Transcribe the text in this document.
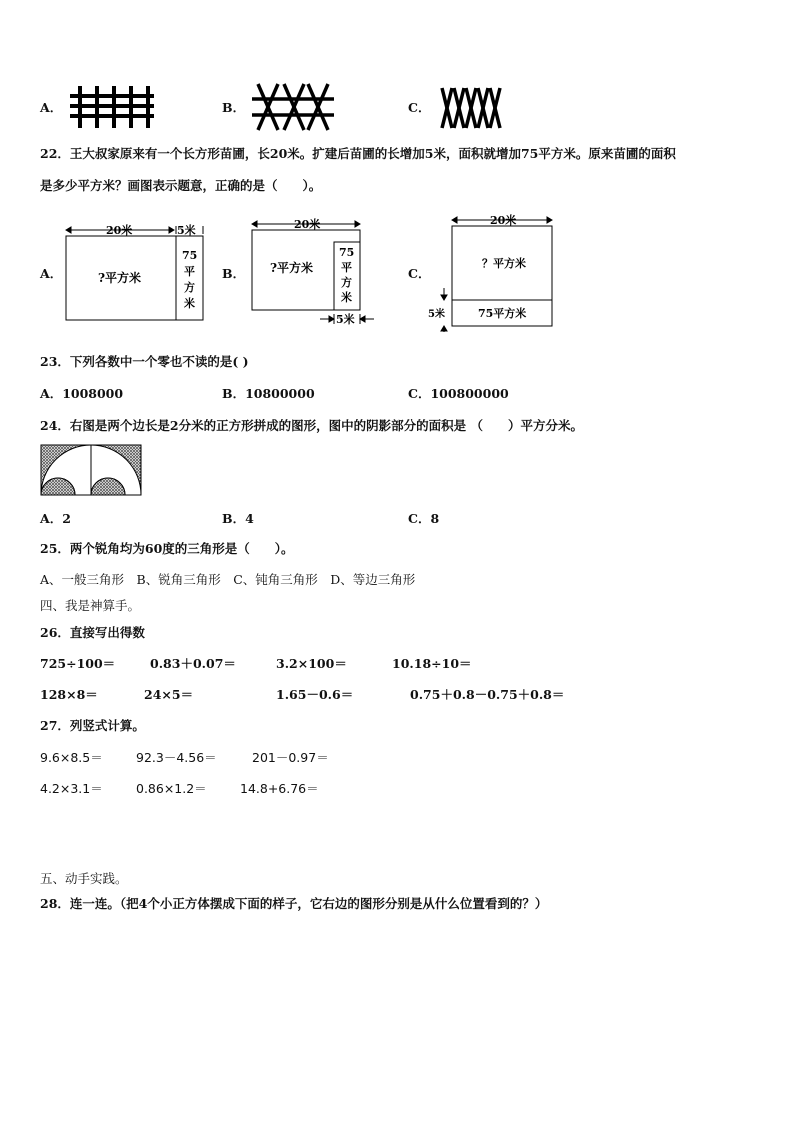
A．	B．	C．
22．王大叔家原来有一个长方形苗圃，长20米。扩建后苗圃的长增加5米，面积就增加75平方米。原来苗圃的面积
是多少平方米？画图表示题意，正确的是（　　）。
A．
20米	5米
?平方米
75
平
方
米
B．
20米
5米
?平方米
75
平
方
米
C．
20米
5米
？平方米
75平方米
23．下列各数中一个零也不读的是( )
A．1008000	B．10800000	C．100800000
24．右图是两个边长是2分米的正方形拼成的图形，图中的阴影部分的面积是 （　　）平方分米。
A．2	B．4	C．8
25．两个锐角均为60度的三角形是（　　）。
A、一般三角形　B、锐角三角形　C、钝角三角形　D、等边三角形
四、我是神算手。
26．直接写出得数
725÷100＝	0.83＋0.07＝	3.2×100＝	10.18÷10＝
128×8＝	24×5＝	1.65－0.6＝	0.75＋0.8－0.75＋0.8＝
27．列竖式计算。
9.6×8.5＝	92.3－4.56＝	201－0.97＝
4.2×3.1＝	0.86×1.2＝	14.8+6.76＝
五、动手实践。
28．连一连。（把4个小正方体摆成下面的样子，它右边的图形分别是从什么位置看到的？）
